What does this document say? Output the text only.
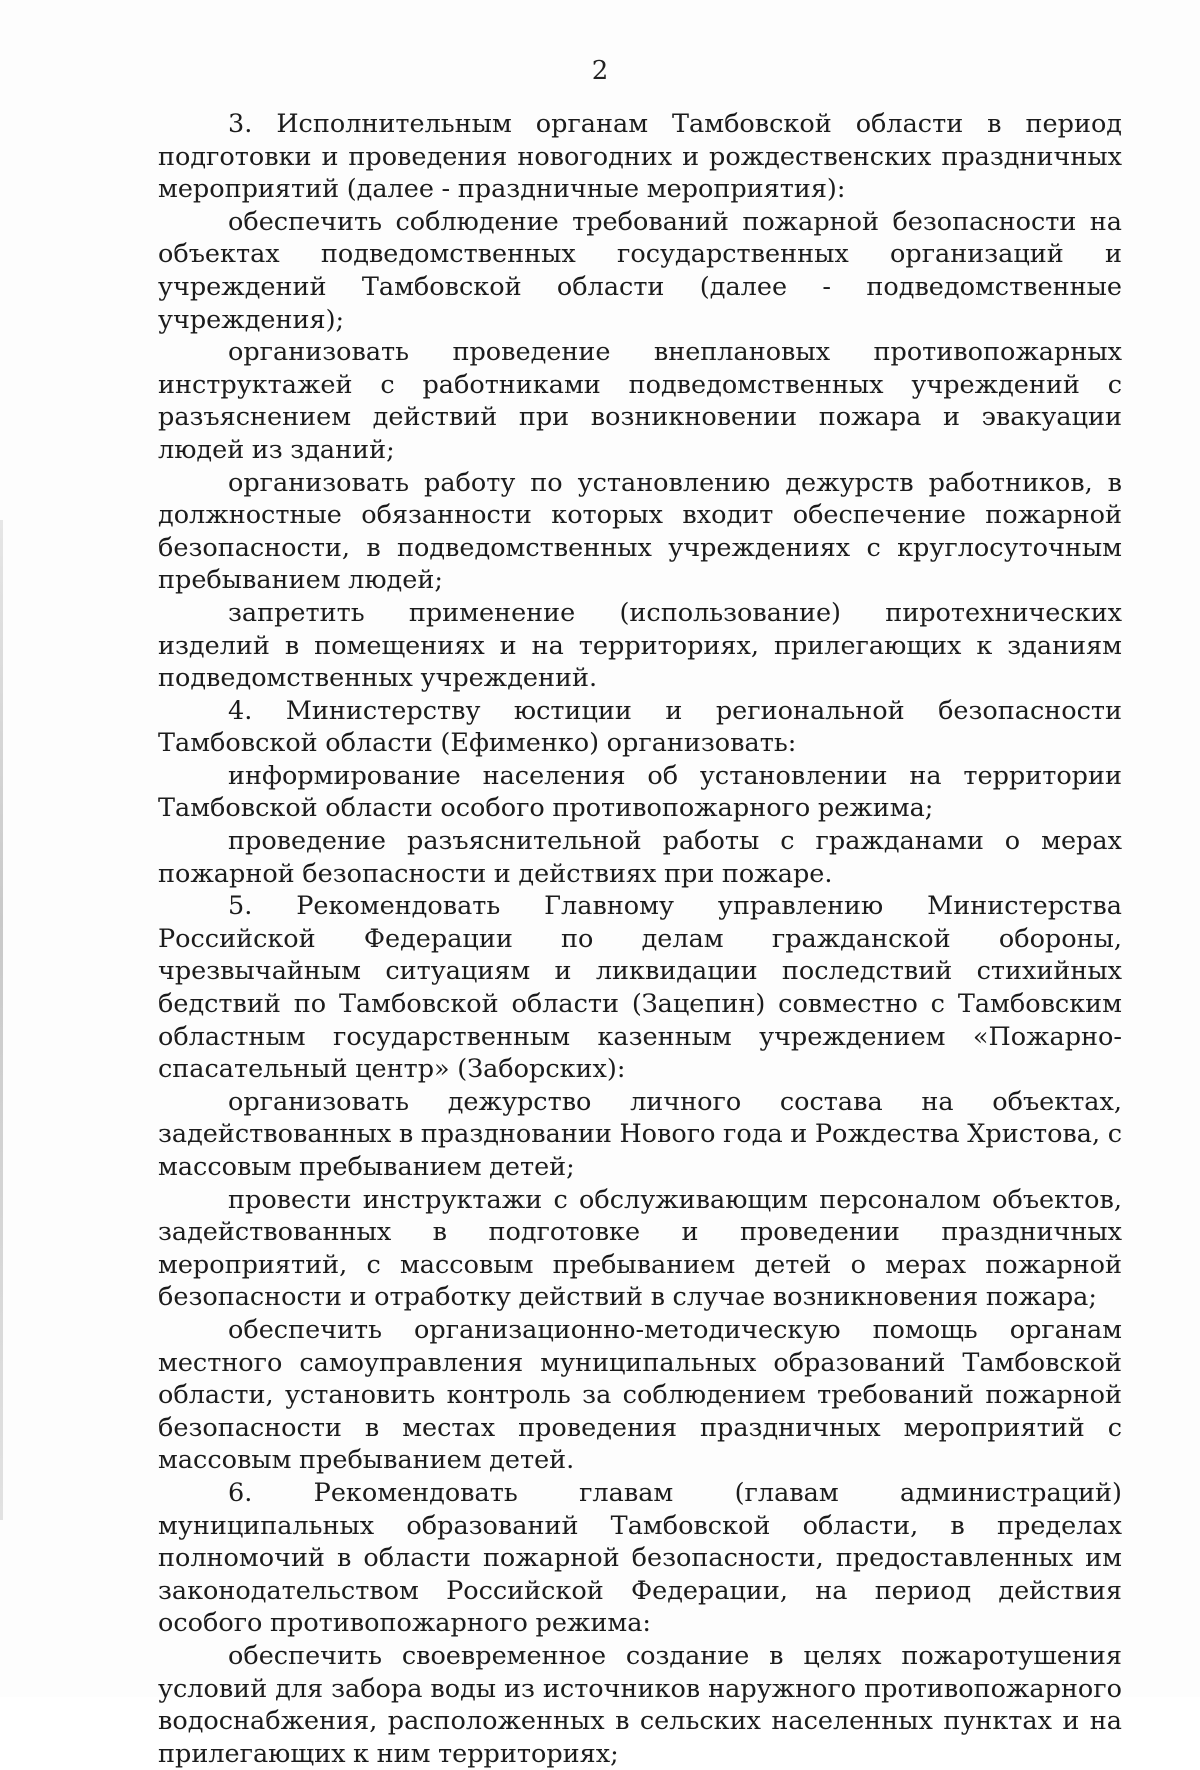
2

3. Исполнительным органам Тамбовской области в период подготовки и проведения новогодних и рождественских праздничных мероприятий (далее - праздничные мероприятия):

обеспечить соблюдение требований пожарной безопасности на объектах подведомственных государственных организаций и учреждений Тамбовской области (далее - подведомственные учреждения);

организовать проведение внеплановых противопожарных инструктажей с работниками подведомственных учреждений с разъяснением действий при возникновении пожара и эвакуации людей из зданий;

организовать работу по установлению дежурств работников, в должностные обязанности которых входит обеспечение пожарной безопасности, в подведомственных учреждениях с круглосуточным пребыванием людей;

запретить применение (использование) пиротехнических изделий в помещениях и на территориях, прилегающих к зданиям подведомственных учреждений.

4. Министерству юстиции и региональной безопасности Тамбовской области (Ефименко) организовать:

информирование населения об установлении на территории Тамбовской области особого противопожарного режима;

проведение разъяснительной работы с гражданами о мерах пожарной безопасности и действиях при пожаре.

5. Рекомендовать Главному управлению Министерства Российской Федерации по делам гражданской обороны, чрезвычайным ситуациям и ликвидации последствий стихийных бедствий по Тамбовской области (Зацепин) совместно с Тамбовским областным государственным казенным учреждением «Пожарно-спасательный центр» (Заборских):

организовать дежурство личного состава на объектах, задействованных в праздновании Нового года и Рождества Христова, с массовым пребыванием детей;

провести инструктажи с обслуживающим персоналом объектов, задействованных в подготовке и проведении праздничных мероприятий, с массовым пребыванием детей о мерах пожарной безопасности и отработку действий в случае возникновения пожара;

обеспечить организационно-методическую помощь органам местного самоуправления муниципальных образований Тамбовской области, установить контроль за соблюдением требований пожарной безопасности в местах проведения праздничных мероприятий с массовым пребыванием детей.

6. Рекомендовать главам (главам администраций) муниципальных образований Тамбовской области, в пределах полномочий в области пожарной безопасности, предоставленных им законодательством Российской Федерации, на период действия особого противопожарного режима:

обеспечить своевременное создание в целях пожаротушения условий для забора воды из источников наружного противопожарного водоснабжения, расположенных в сельских населенных пунктах и на прилегающих к ним территориях;
